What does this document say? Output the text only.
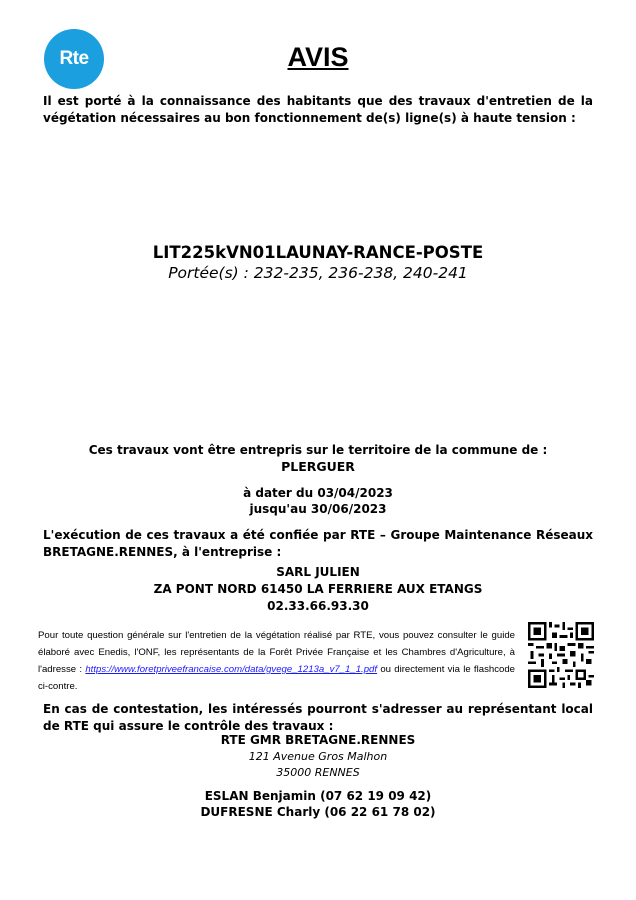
Rte	AVIS
Il est porté à la connaissance des habitants que des travaux d'entretien de la végétation nécessaires au bon fonctionnement de(s) ligne(s) à haute tension :
LIT225kVN01LAUNAY-RANCE-POSTE
Portée(s) : 232-235, 236-238, 240-241
Ces travaux vont être entrepris sur le territoire de la commune de :
PLERGUER
à dater du 03/04/2023
jusqu'au 30/06/2023
L'exécution de ces travaux a été confiée par RTE – Groupe Maintenance Réseaux BRETAGNE.RENNES, à l'entreprise :
SARL JULIEN
ZA PONT NORD 61450 LA FERRIERE AUX ETANGS
02.33.66.93.30
Pour toute question générale sur l'entretien de la végétation réalisé par RTE, vous pouvez consulter le guide élaboré avec Enedis, l'ONF, les représentants de la Forêt Privée Française et les Chambres d'Agriculture, à l'adresse : https://www.foretpriveefrancaise.com/data/gvege_1213a_v7_1_1.pdf ou directement via le flashcode ci-contre.
En cas de contestation, les intéressés pourront s'adresser au représentant local de RTE qui assure le contrôle des travaux :
RTE GMR BRETAGNE.RENNES
121 Avenue Gros Malhon
35000 RENNES
ESLAN Benjamin (07 62 19 09 42)
DUFRESNE Charly (06 22 61 78 02)
